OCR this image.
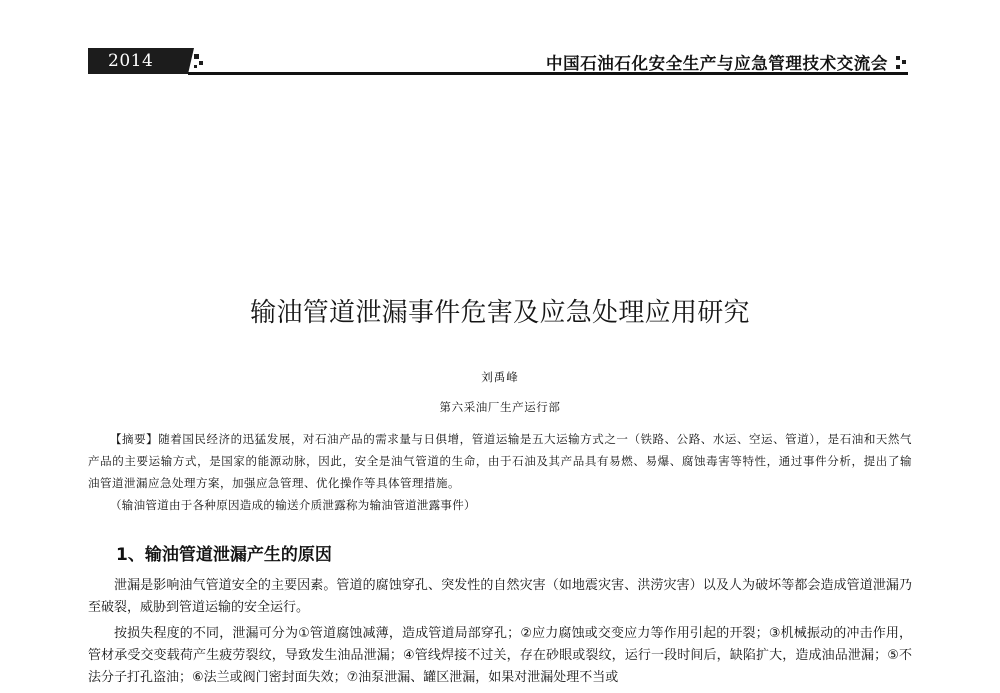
2014	中国石油石化安全生产与应急管理技术交流会
输油管道泄漏事件危害及应急处理应用研究
刘禹峰
第六采油厂生产运行部
【摘要】随着国民经济的迅猛发展，对石油产品的需求量与日俱增，管道运输是五大运输方式之一（铁路、公路、水运、空运、管道），是石油和天然气产品的主要运输方式，是国家的能源动脉，因此，安全是油气管道的生命，由于石油及其产品具有易燃、易爆、腐蚀毒害等特性，通过事件分析，提出了输油管道泄漏应急处理方案，加强应急管理、优化操作等具体管理措施。
（输油管道由于各种原因造成的输送介质泄露称为输油管道泄露事件）
1、输油管道泄漏产生的原因

泄漏是影响油气管道安全的主要因素。管道的腐蚀穿孔、突发性的自然灾害（如地震灾害、洪涝灾害）以及人为破坏等都会造成管道泄漏乃至破裂，威胁到管道运输的安全运行。

按损失程度的不同，泄漏可分为①管道腐蚀减薄，造成管道局部穿孔；②应力腐蚀或交变应力等作用引起的开裂；③机械振动的冲击作用，管材承受交变载荷产生疲劳裂纹，导致发生油品泄漏；④管线焊接不过关，存在砂眼或裂纹，运行一段时间后，缺陷扩大，造成油品泄漏；⑤不法分子打孔盗油；⑥法兰或阀门密封面失效；⑦油泵泄漏、罐区泄漏，如果对泄漏处理不当或
